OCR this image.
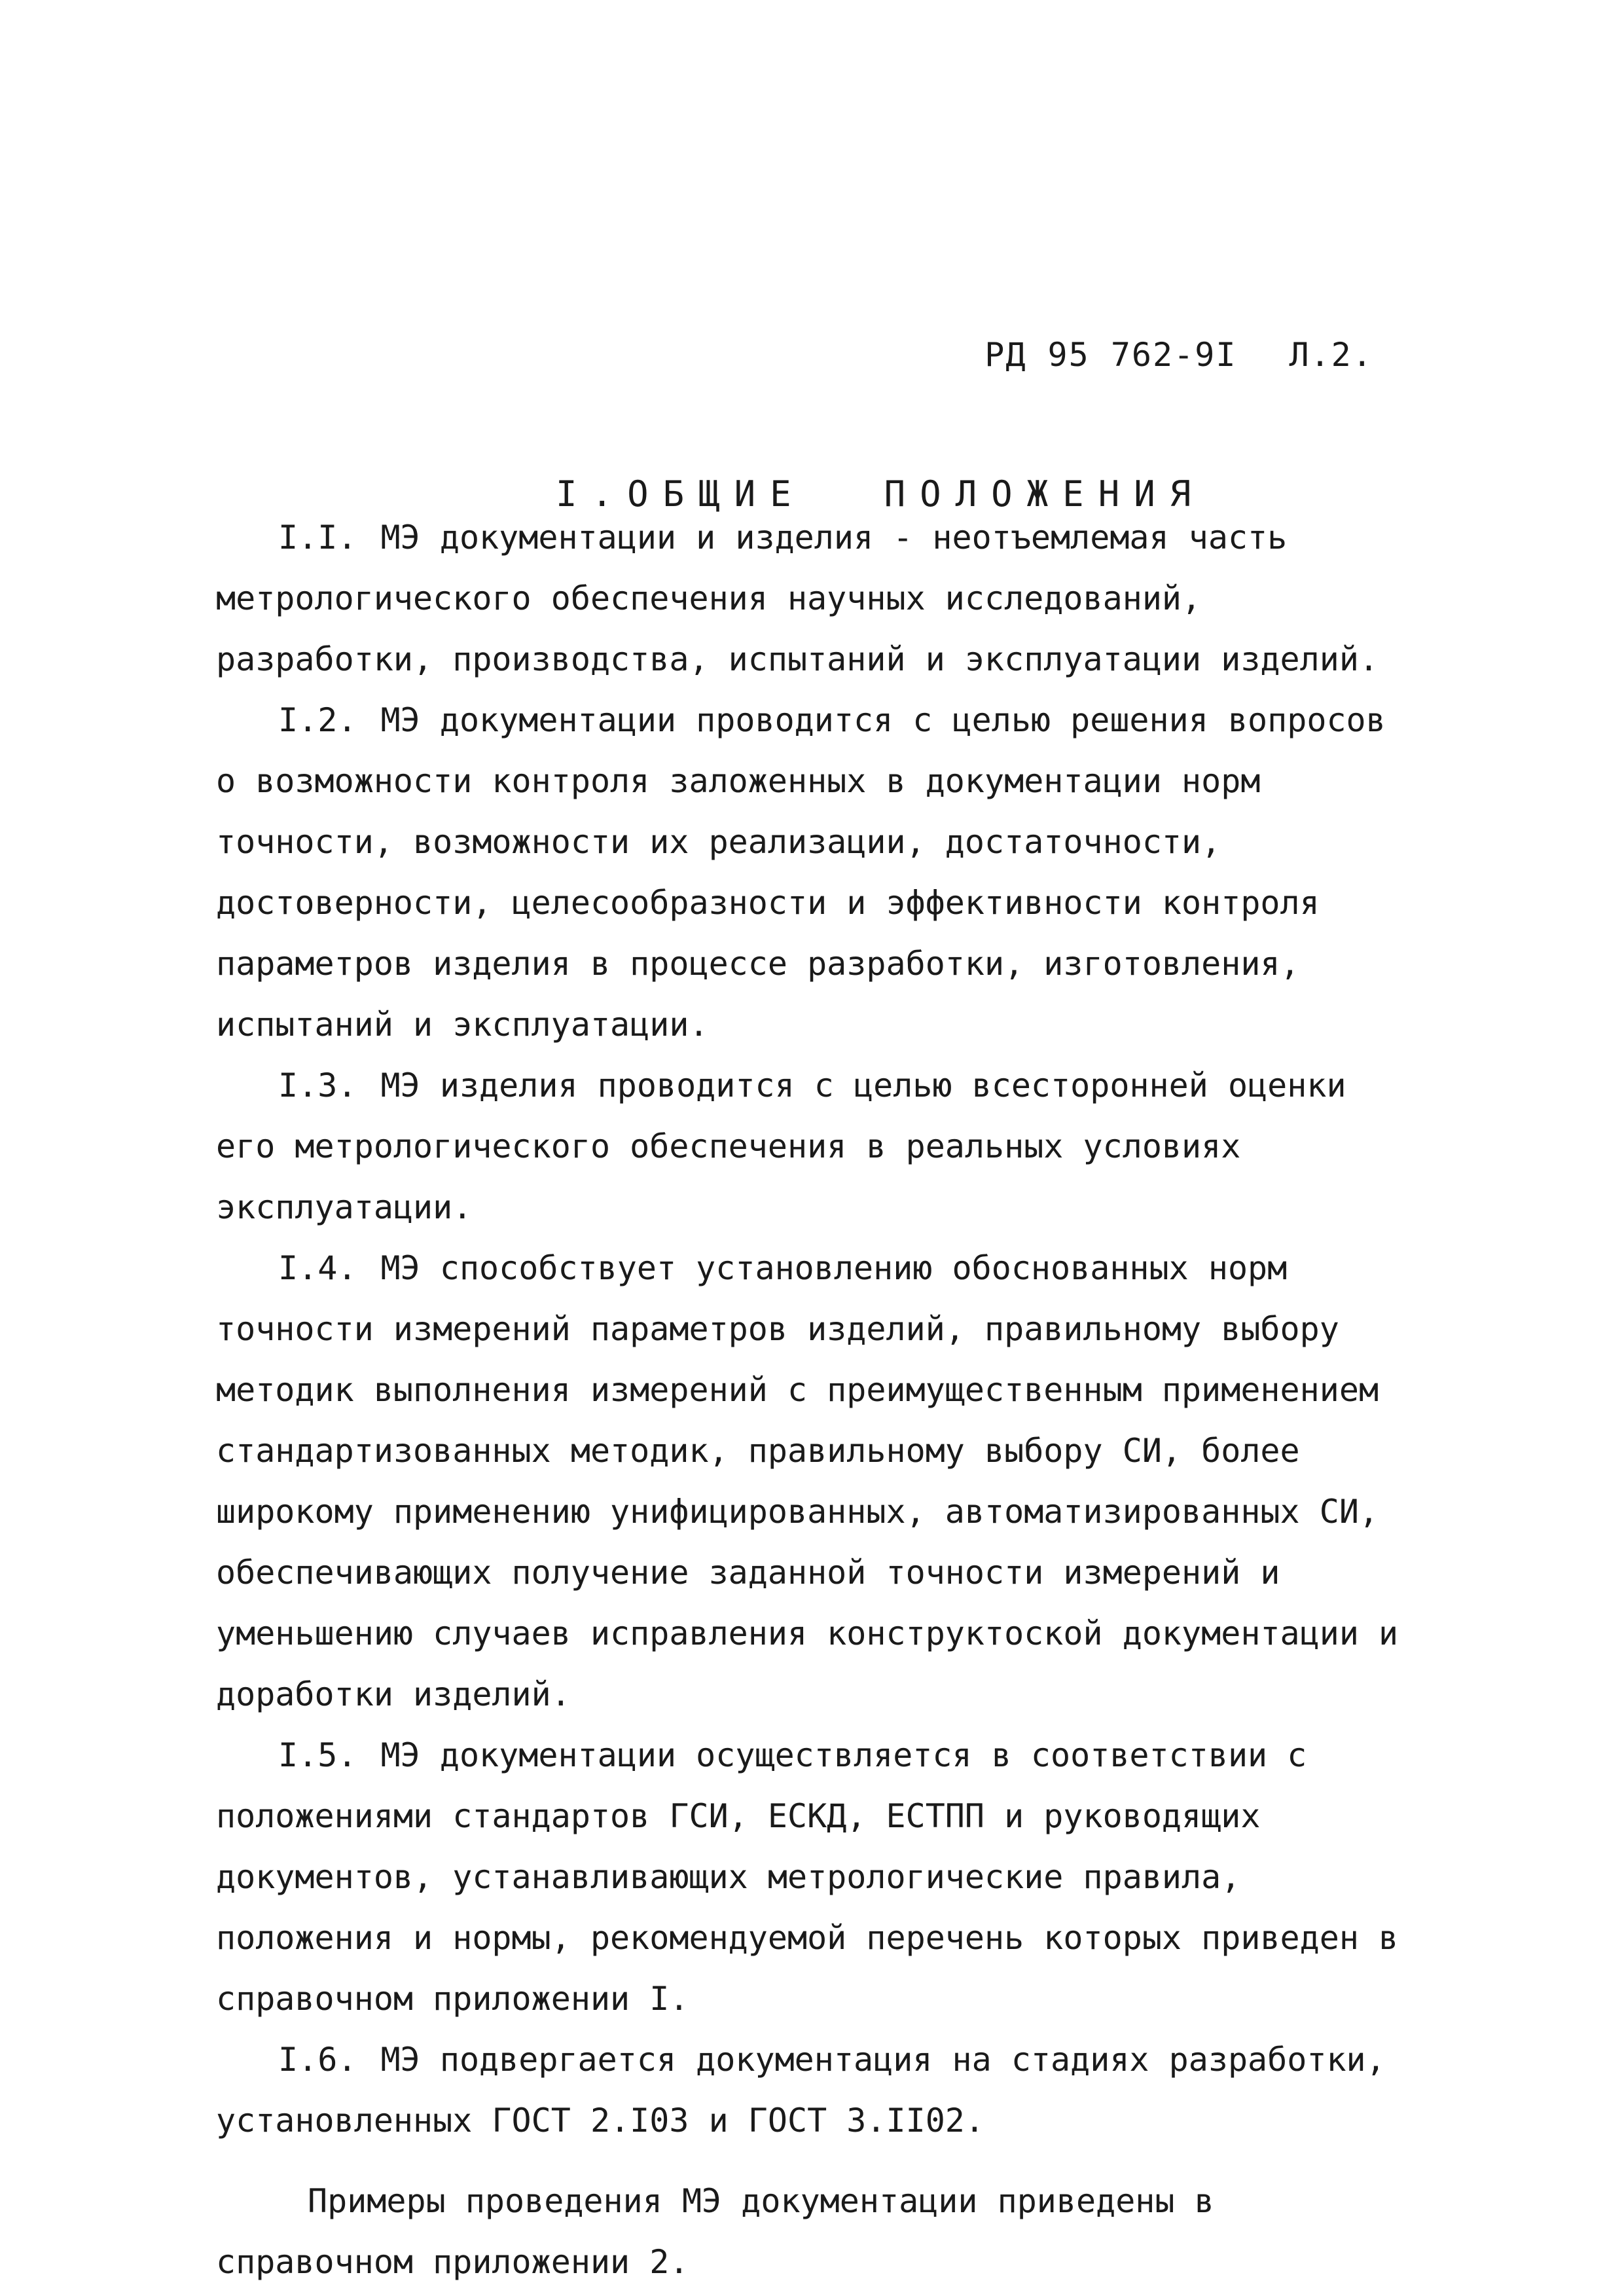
РД 95 762-9I Л.2.

I.ОБЩИЕ ПОЛОЖЕНИЯ

I.I. МЭ документации и изделия - неотъемлемая часть метрологического обеспечения научных исследований, разработки, производства, испытаний и эксплуатации изделий.

I.2. МЭ документации проводится с целью решения вопросов о возможности контроля заложенных в документации норм точности, возможности их реализации, достаточности, достоверности, целесообразности и эффективности контроля параметров изделия в процессе разработки, изготовления, испытаний и эксплуатации.

I.3. МЭ изделия проводится с целью всесторонней оценки его метрологического обеспечения в реальных условиях эксплуатации.

I.4. МЭ способствует установлению обоснованных норм точности измерений параметров изделий, правильному выбору методик выполнения измерений с преимущественным применением стандартизованных методик, правильному выбору СИ, более широкому применению унифицированных, автоматизированных СИ, обеспечивающих получение заданной точности измерений и уменьшению случаев исправления конструктоской документации и доработки изделий.

I.5. МЭ документации осуществляется в соответствии с положениями стандартов ГСИ, ЕСКД, ЕСТПП и руководящих документов, устанавливающих метрологические правила, положения и нормы, рекомендуемой перечень которых приведен в справочном приложении I.

I.6. МЭ подвергается документация на стадиях разработки, установленных ГОСТ 2.I03 и ГОСТ 3.II02.

Примеры проведения МЭ документации приведены в справочном приложении 2.
